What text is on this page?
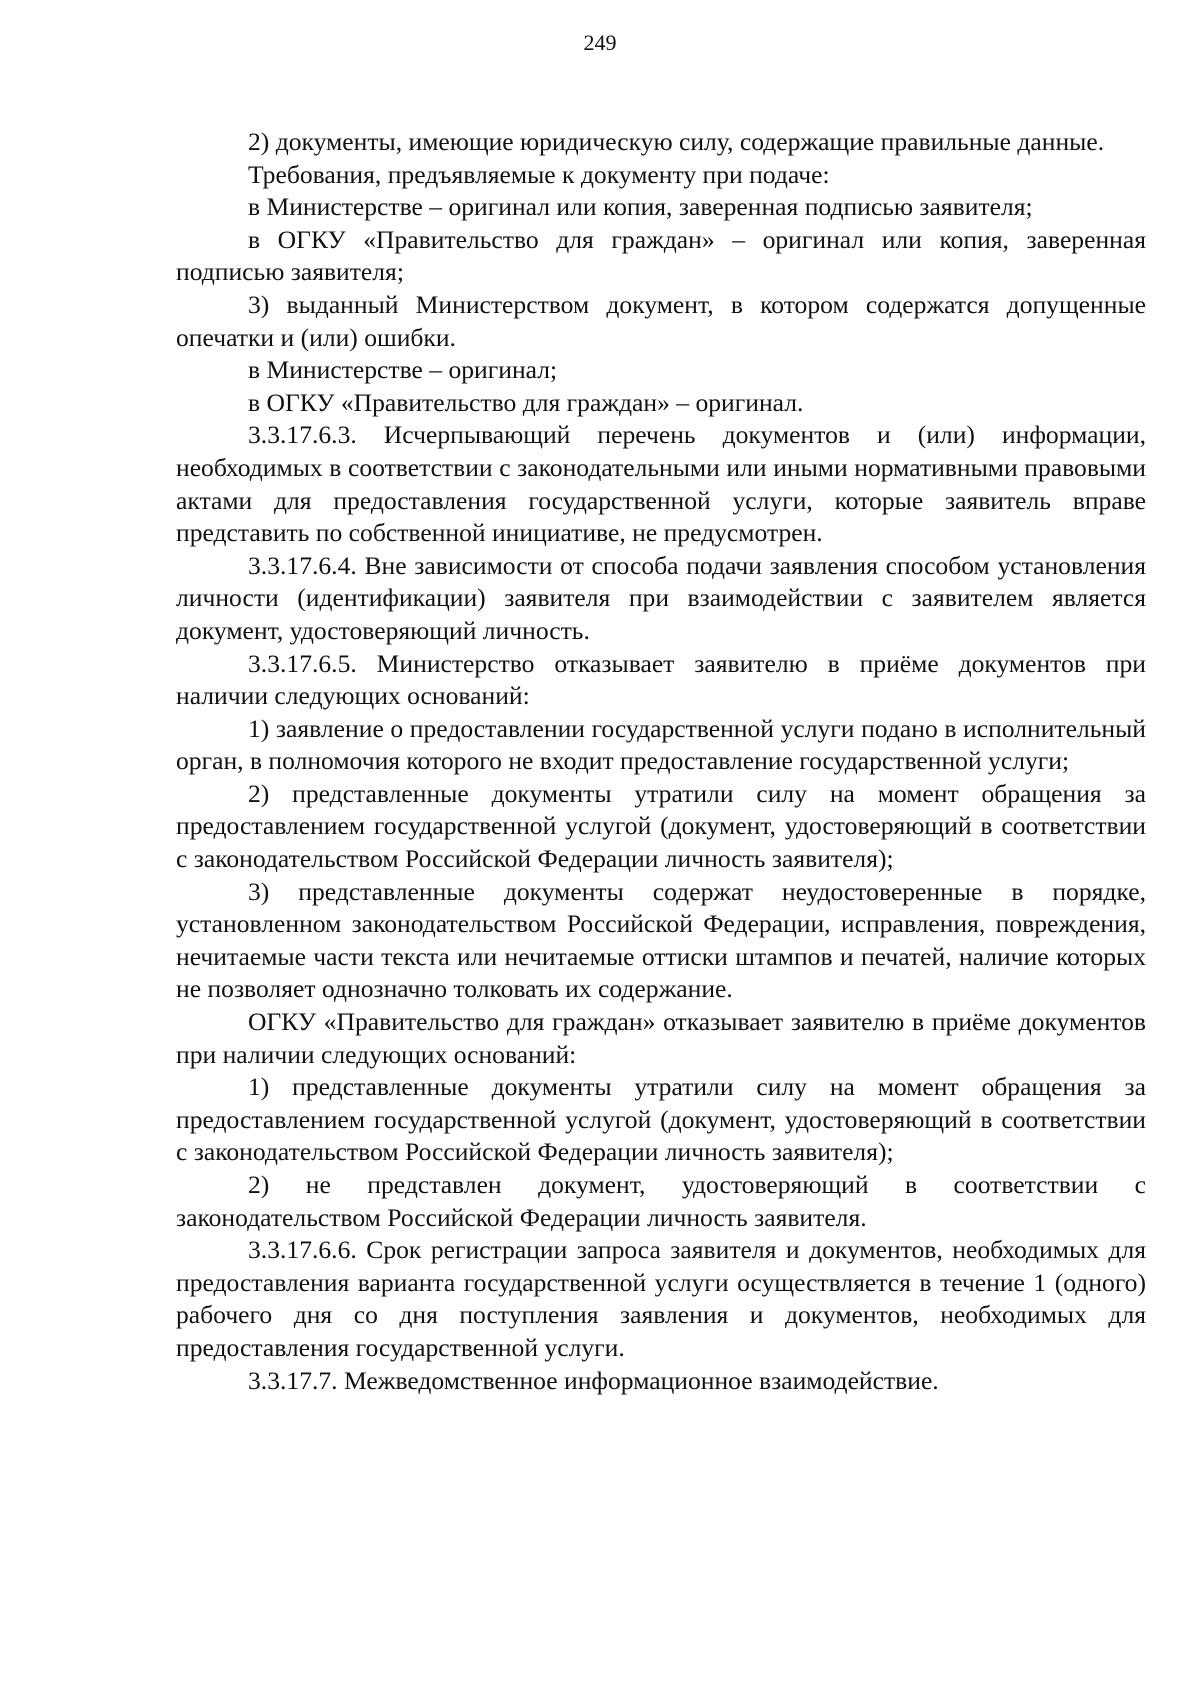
249

2) документы, имеющие юридическую силу, содержащие правильные данные.

Требования, предъявляемые к документу при подаче:

в Министерстве – оригинал или копия, заверенная подписью заявителя;

в ОГКУ «Правительство для граждан» – оригинал или копия, заверенная подписью заявителя;

3) выданный Министерством документ, в котором содержатся допущенные опечатки и (или) ошибки.

в Министерстве – оригинал;

в ОГКУ «Правительство для граждан» – оригинал.

3.3.17.6.3. Исчерпывающий перечень документов и (или) информации, необходимых в соответствии с законодательными или иными нормативными правовыми актами для предоставления государственной услуги, которые заявитель вправе представить по собственной инициативе, не предусмотрен.

3.3.17.6.4. Вне зависимости от способа подачи заявления способом установления личности (идентификации) заявителя при взаимодействии с заявителем является документ, удостоверяющий личность.

3.3.17.6.5. Министерство отказывает заявителю в приёме документов при наличии следующих оснований:

1) заявление о предоставлении государственной услуги подано в исполнительный орган, в полномочия которого не входит предоставление государственной услуги;

2) представленные документы утратили силу на момент обращения за предоставлением государственной услугой (документ, удостоверяющий в соответствии с законодательством Российской Федерации личность заявителя);

3) представленные документы содержат неудостоверенные в порядке, установленном законодательством Российской Федерации, исправления, повреждения, нечитаемые части текста или нечитаемые оттиски штампов и печатей, наличие которых не позволяет однозначно толковать их содержание.

ОГКУ «Правительство для граждан» отказывает заявителю в приёме документов при наличии следующих оснований:

1) представленные документы утратили силу на момент обращения за предоставлением государственной услугой (документ, удостоверяющий в соответствии с законодательством Российской Федерации личность заявителя);

2) не представлен документ, удостоверяющий в соответствии с законодательством Российской Федерации личность заявителя.

3.3.17.6.6. Срок регистрации запроса заявителя и документов, необходимых для предоставления варианта государственной услуги осуществляется в течение 1 (одного) рабочего дня со дня поступления заявления и документов, необходимых для предоставления государственной услуги.

3.3.17.7. Межведомственное информационное взаимодействие.
